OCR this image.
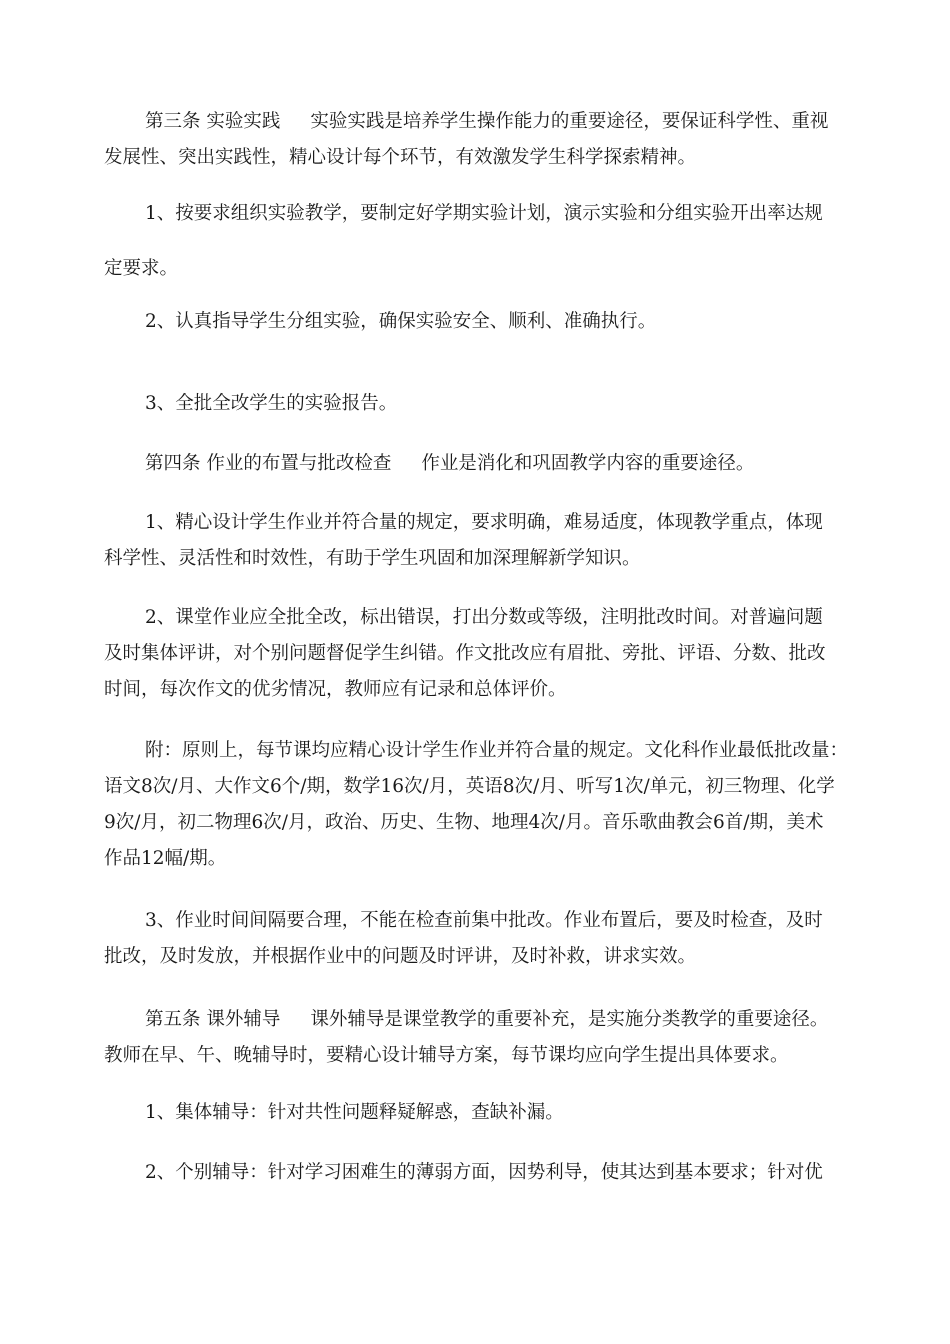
第三条 实验实践 实验实践是培养学生操作能力的重要途径，要保证科学性、重视
发展性、突出实践性，精心设计每个环节，有效激发学生科学探索精神。
1、按要求组织实验教学，要制定好学期实验计划，演示实验和分组实验开出率达规
定要求。
2、认真指导学生分组实验，确保实验安全、顺利、准确执行。
3、全批全改学生的实验报告。
第四条 作业的布置与批改检查 作业是消化和巩固教学内容的重要途径。
1、精心设计学生作业并符合量的规定，要求明确，难易适度，体现教学重点，体现
科学性、灵活性和时效性，有助于学生巩固和加深理解新学知识。
2、课堂作业应全批全改，标出错误，打出分数或等级，注明批改时间。对普遍问题
及时集体评讲，对个别问题督促学生纠错。作文批改应有眉批、旁批、评语、分数、批改
时间，每次作文的优劣情况，教师应有记录和总体评价。
附：原则上，每节课均应精心设计学生作业并符合量的规定。文化科作业最低批改量：
语文8次/月、大作文6个/期，数学16次/月，英语8次/月、听写1次/单元，初三物理、化学
9次/月，初二物理6次/月，政治、历史、生物、地理4次/月。音乐歌曲教会6首/期，美术
作品12幅/期。
3、作业时间间隔要合理，不能在检查前集中批改。作业布置后，要及时检查，及时
批改，及时发放，并根据作业中的问题及时评讲，及时补救，讲求实效。
第五条 课外辅导 课外辅导是课堂教学的重要补充，是实施分类教学的重要途径。
教师在早、午、晚辅导时，要精心设计辅导方案，每节课均应向学生提出具体要求。
1、集体辅导：针对共性问题释疑解惑，查缺补漏。
2、个别辅导：针对学习困难生的薄弱方面，因势利导，使其达到基本要求；针对优
